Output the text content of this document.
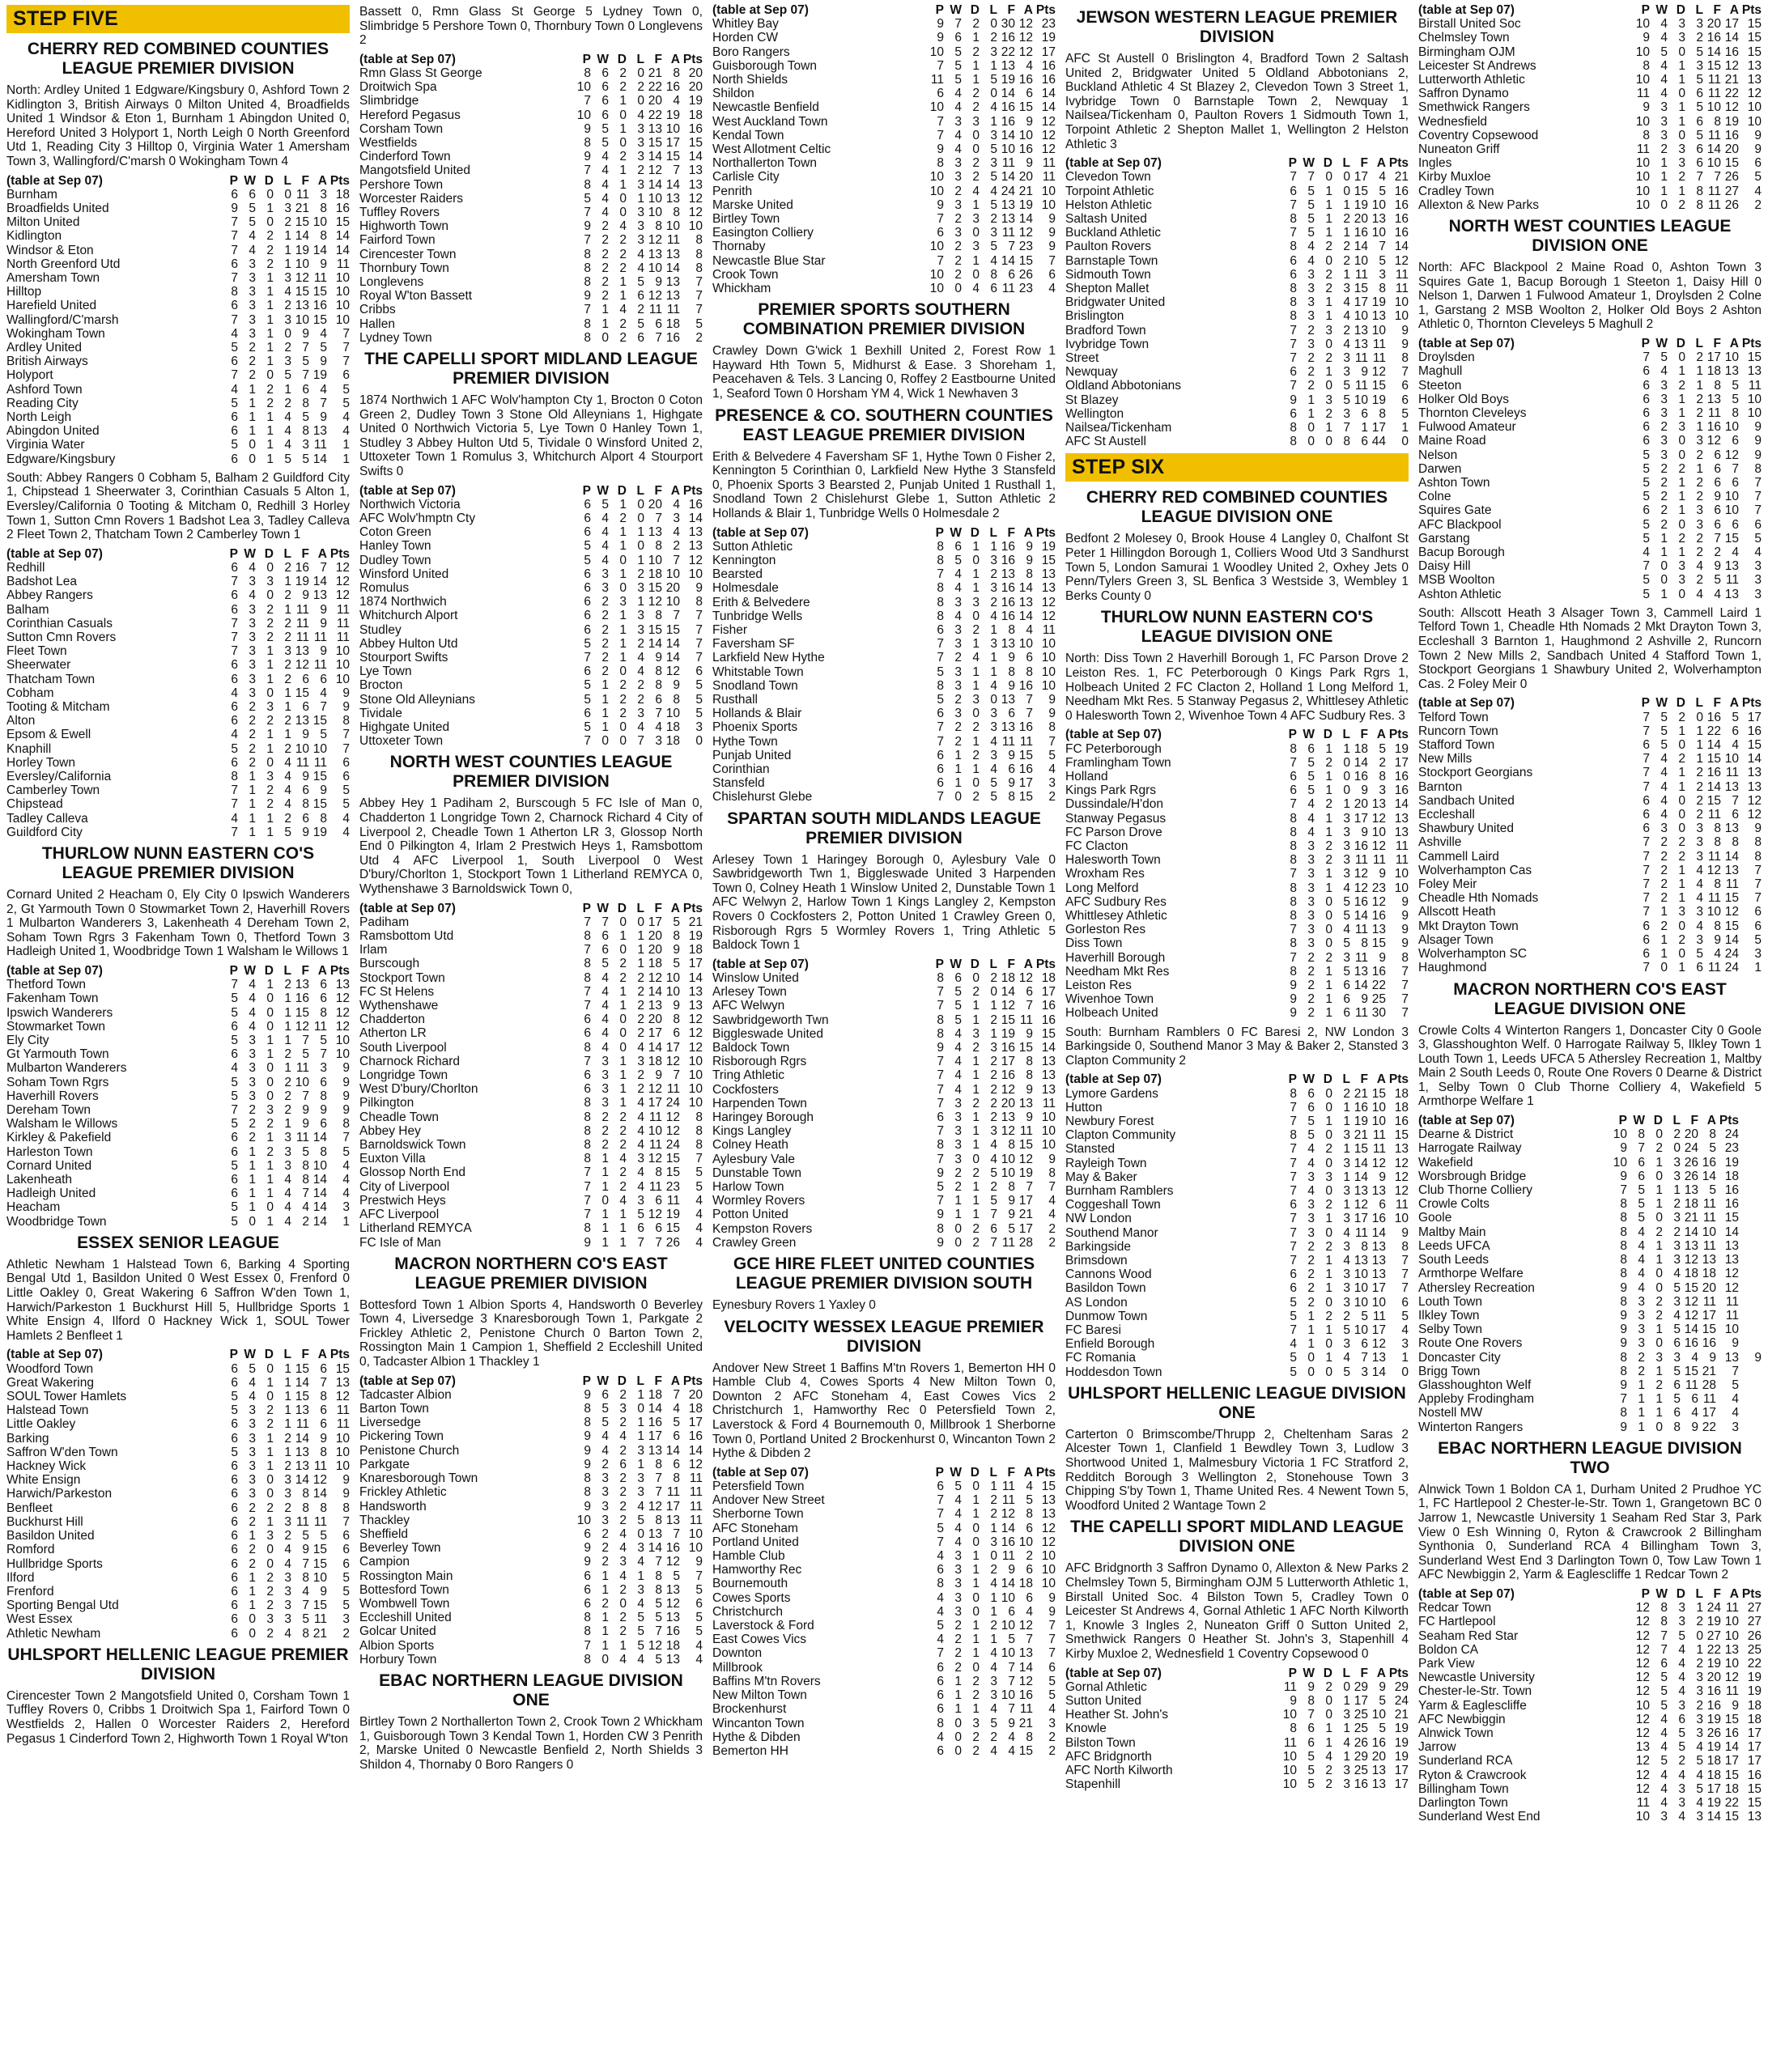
STEP FIVE
CHERRY RED COMBINED COUNTIES LEAGUE PREMIER DIVISION
North: Ardley United 1 Edgware/Kingsbury 0, Ashford Town 2 Kidlington 3, British Airways 0 Milton United 4, Broadfields United 1 Windsor & Eton 1, Burnham 1 Abingdon United 0, Hereford United 3 Holyport 1, North Leigh 0 North Greenford Utd 1, Reading City 3 Hilltop 0, Virginia Water 1 Amersham Town 3, Wallingford/C'marsh 0 Wokingham Town 4
(table at Sep 07)	P	W	D	L	F	A	Pts
Burnham	6	6	0	0	11	3	18
Broadfields United	9	5	1	3	21	8	16
Milton United	7	5	0	2	15	10	15
Kidlington	7	4	2	1	14	8	14
Windsor & Eton	7	4	2	1	19	14	14
North Greenford Utd	6	3	2	1	10	9	11
Amersham Town	7	3	1	3	12	11	10
Hilltop	8	3	1	4	15	15	10
Harefield United	6	3	1	2	13	16	10
Wallingford/C'marsh	7	3	1	3	10	15	10
Wokingham Town	4	3	1	0	9	4	7
Ardley United	5	2	1	2	7	5	7
British Airways	6	2	1	3	5	9	7
Holyport	7	2	0	5	7	19	6
Ashford Town	4	1	2	1	6	4	5
Reading City	5	1	2	2	8	7	5
North Leigh	6	1	1	4	5	9	4
Abingdon United	6	1	1	4	8	13	4
Virginia Water	5	0	1	4	3	11	1
Edgware/Kingsbury	6	0	1	5	5	14	1
South: Abbey Rangers 0 Cobham 5, Balham 2 Guildford City 1, Chipstead 1 Sheerwater 3, Corinthian Casuals 5 Alton 1, Eversley/California 0 Tooting & Mitcham 0, Redhill 3 Horley Town 1, Sutton Cmn Rovers 1 Badshot Lea 3, Tadley Calleva 2 Fleet Town 2, Thatcham Town 2 Camberley Town 1
(table at Sep 07)	P	W	D	L	F	A	Pts
Redhill	6	4	0	2	16	7	12
Badshot Lea	7	3	3	1	19	14	12
Abbey Rangers	6	4	0	2	9	13	12
Balham	6	3	2	1	11	9	11
Corinthian Casuals	7	3	2	2	11	9	11
Sutton Cmn Rovers	7	3	2	2	11	11	11
Fleet Town	7	3	1	3	13	9	10
Sheerwater	6	3	1	2	12	11	10
Thatcham Town	6	3	1	2	6	6	10
Cobham	4	3	0	1	15	4	9
Tooting & Mitcham	6	2	3	1	6	7	9
Alton	6	2	2	2	13	15	8
Epsom & Ewell	4	2	1	1	9	5	7
Knaphill	5	2	1	2	10	10	7
Horley Town	6	2	0	4	11	11	6
Eversley/California	8	1	3	4	9	15	6
Camberley Town	7	1	2	4	6	9	5
Chipstead	7	1	2	4	8	15	5
Tadley Calleva	4	1	1	2	6	8	4
Guildford City	7	1	1	5	9	19	4
THURLOW NUNN EASTERN CO'S LEAGUE PREMIER DIVISION
Cornard United 2 Heacham 0, Ely City 0 Ipswich Wanderers 2, Gt Yarmouth Town 0 Stowmarket Town 2, Haverhill Rovers 1 Mulbarton Wanderers 3, Lakenheath 4 Dereham Town 2, Soham Town Rgrs 3 Fakenham Town 0, Thetford Town 3 Hadleigh United 1, Woodbridge Town 1 Walsham le Willows 1
(table at Sep 07)	P	W	D	L	F	A	Pts
Thetford Town	7	4	1	2	13	6	13
Fakenham Town	5	4	0	1	16	6	12
Ipswich Wanderers	5	4	0	1	15	8	12
Stowmarket Town	6	4	0	1	12	11	12
Ely City	5	3	1	1	7	5	10
Gt Yarmouth Town	6	3	1	2	5	7	10
Mulbarton Wanderers	4	3	0	1	11	3	9
Soham Town Rgrs	5	3	0	2	10	6	9
Haverhill Rovers	5	3	0	2	7	8	9
Dereham Town	7	2	3	2	9	9	9
Walsham le Willows	5	2	2	1	9	6	8
Kirkley & Pakefield	6	2	1	3	11	14	7
Harleston Town	6	1	2	3	5	8	5
Cornard United	5	1	1	3	8	10	4
Lakenheath	6	1	1	4	8	14	4
Hadleigh United	6	1	1	4	7	14	4
Heacham	5	1	0	4	4	14	3
Woodbridge Town	5	0	1	4	2	14	1
ESSEX SENIOR LEAGUE
Athletic Newham 1 Halstead Town 6, Barking 4 Sporting Bengal Utd 1, Basildon United 0 West Essex 0, Frenford 0 Little Oakley 0, Great Wakering 6 Saffron W'den Town 1, Harwich/Parkeston 1 Buckhurst Hill 5, Hullbridge Sports 1 White Ensign 4, Ilford 0 Hackney Wick 1, SOUL Tower Hamlets 2 Benfleet 1
(table at Sep 07)	P	W	D	L	F	A	Pts
Woodford Town	6	5	0	1	15	6	15
Great Wakering	6	4	1	1	14	7	13
SOUL Tower Hamlets	5	4	0	1	15	8	12
Halstead Town	5	3	2	1	13	6	11
Little Oakley	6	3	2	1	11	6	11
Barking	6	3	1	2	14	9	10
Saffron W'den Town	5	3	1	1	13	8	10
Hackney Wick	6	3	1	2	13	11	10
White Ensign	6	3	0	3	14	12	9
Harwich/Parkeston	6	3	0	3	8	14	9
Benfleet	6	2	2	2	8	8	8
Buckhurst Hill	6	2	1	3	11	11	7
Basildon United	6	1	3	2	5	5	6
Romford	6	2	0	4	9	15	6
Hullbridge Sports	6	2	0	4	7	15	6
Ilford	6	1	2	3	8	10	5
Frenford	6	1	2	3	4	9	5
Sporting Bengal Utd	6	1	2	3	7	15	5
West Essex	6	0	3	3	5	11	3
Athletic Newham	6	0	2	4	8	21	2
UHLSPORT HELLENIC LEAGUE PREMIER DIVISION
Cirencester Town 2 Mangotsfield United 0, Corsham Town 1 Tuffley Rovers 0, Cribbs 1 Droitwich Spa 1, Fairford Town 0 Westfields 2, Hallen 0 Worcester Raiders 2, Hereford Pegasus 1 Cinderford Town 2, Highworth Town 1 Royal W'ton
Bassett 0, Rmn Glass St George 5 Lydney Town 0, Slimbridge 5 Pershore Town 0, Thornbury Town 0 Longlevens 2
(table at Sep 07)	P	W	D	L	F	A	Pts
Rmn Glass St George	8	6	2	0	21	8	20
Droitwich Spa	10	6	2	2	22	16	20
Slimbridge	7	6	1	0	20	4	19
Hereford Pegasus	10	6	0	4	22	19	18
Corsham Town	9	5	1	3	13	10	16
Westfields	8	5	0	3	15	17	15
Cinderford Town	9	4	2	3	14	15	14
Mangotsfield United	7	4	1	2	12	7	13
Pershore Town	8	4	1	3	14	14	13
Worcester Raiders	5	4	0	1	10	13	12
Tuffley Rovers	7	4	0	3	10	8	12
Highworth Town	9	2	4	3	8	10	10
Fairford Town	7	2	2	3	12	11	8
Cirencester Town	8	2	2	4	13	13	8
Thornbury Town	8	2	2	4	10	14	8
Longlevens	8	2	1	5	9	13	7
Royal W'ton Bassett	9	2	1	6	12	13	7
Cribbs	7	1	4	2	11	11	7
Hallen	8	1	2	5	6	18	5
Lydney Town	8	0	2	6	7	16	2
THE CAPELLI SPORT MIDLAND LEAGUE PREMIER DIVISION
1874 Northwich 1 AFC Wolv'hampton Cty 1, Brocton 0 Coton Green 2, Dudley Town 3 Stone Old Alleynians 1, Highgate United 0 Northwich Victoria 5, Lye Town 0 Hanley Town 1, Studley 3 Abbey Hulton Utd 5, Tividale 0 Winsford United 2, Uttoxeter Town 1 Romulus 3, Whitchurch Alport 4 Stourport Swifts 0
(table at Sep 07)	P	W	D	L	F	A	Pts
Northwich Victoria	6	5	1	0	20	4	16
AFC Wolv'hmptn Cty	6	4	2	0	7	3	14
Coton Green	6	4	1	1	13	4	13
Hanley Town	5	4	1	0	8	2	13
Dudley Town	5	4	0	1	10	7	12
Winsford United	6	3	1	2	18	10	10
Romulus	6	3	0	3	15	20	9
1874 Northwich	6	2	3	1	12	10	8
Whitchurch Alport	6	2	1	3	8	7	7
Studley	6	2	1	3	15	15	7
Abbey Hulton Utd	5	2	1	2	14	14	7
Stourport Swifts	7	2	1	4	9	14	7
Lye Town	6	2	0	4	8	12	6
Brocton	5	1	2	2	8	9	5
Stone Old Alleynians	5	1	2	2	6	8	5
Tividale	6	1	2	3	7	10	5
Highgate United	5	1	0	4	4	18	3
Uttoxeter Town	7	0	0	7	3	18	0
NORTH WEST COUNTIES LEAGUE PREMIER DIVISION
Abbey Hey 1 Padiham 2, Burscough 5 FC Isle of Man 0, Chadderton 1 Longridge Town 2, Charnock Richard 4 City of Liverpool 2, Cheadle Town 1 Atherton LR 3, Glossop North End 0 Pilkington 4, Irlam 2 Prestwich Heys 1, Ramsbottom Utd 4 AFC Liverpool 1, South Liverpool 0 West D'bury/Chorlton 1, Stockport Town 1 Litherland REMYCA 0, Wythenshawe 3 Barnoldswick Town 0,
(table at Sep 07)	P	W	D	L	F	A	Pts
Padiham	7	7	0	0	17	5	21
Ramsbottom Utd	8	6	1	1	20	8	19
Irlam	7	6	0	1	20	9	18
Burscough	8	5	2	1	18	5	17
Stockport Town	8	4	2	2	12	10	14
FC St Helens	7	4	1	2	14	10	13
Wythenshawe	7	4	1	2	13	9	13
Chadderton	6	4	0	2	20	8	12
Atherton LR	6	4	0	2	17	6	12
South Liverpool	8	4	0	4	14	17	12
Charnock Richard	7	3	1	3	18	12	10
Longridge Town	6	3	1	2	9	7	10
West D'bury/Chorlton	6	3	1	2	12	11	10
Pilkington	8	3	1	4	17	24	10
Cheadle Town	8	2	2	4	11	12	8
Abbey Hey	8	2	2	4	10	12	8
Barnoldswick Town	8	2	2	4	11	24	8
Euxton Villa	8	1	4	3	12	15	7
Glossop North End	7	1	2	4	8	15	5
City of Liverpool	7	1	2	4	11	23	5
Prestwich Heys	7	0	4	3	6	11	4
AFC Liverpool	7	1	1	5	12	19	4
Litherland REMYCA	8	1	1	6	6	15	4
FC Isle of Man	9	1	1	7	7	26	4
MACRON NORTHERN CO'S EAST LEAGUE PREMIER DIVISION
Bottesford Town 1 Albion Sports 4, Handsworth 0 Beverley Town 4, Liversedge 3 Knaresborough Town 1, Parkgate 2 Frickley Athletic 2, Penistone Church 0 Barton Town 2, Rossington Main 1 Campion 1, Sheffield 2 Eccleshill United 0, Tadcaster Albion 1 Thackley 1
(table at Sep 07)	P	W	D	L	F	A	Pts
Tadcaster Albion	9	6	2	1	18	7	20
Barton Town	8	5	3	0	14	4	18
Liversedge	8	5	2	1	16	5	17
Pickering Town	9	4	4	1	17	6	16
Penistone Church	9	4	2	3	13	14	14
Parkgate	9	2	6	1	8	6	12
Knaresborough Town	8	3	2	3	7	8	11
Frickley Athletic	8	3	2	3	7	11	11
Handsworth	9	3	2	4	12	17	11
Thackley	10	3	2	5	8	13	11
Sheffield	6	2	4	0	13	7	10
Beverley Town	9	2	4	3	14	16	10
Campion	9	2	3	4	7	12	9
Rossington Main	6	1	4	1	8	5	7
Bottesford Town	6	1	2	3	8	13	5
Wombwell Town	6	2	0	4	5	12	6
Eccleshill United	8	1	2	5	5	13	5
Golcar United	8	1	2	5	7	16	5
Albion Sports	7	1	1	5	12	18	4
Horbury Town	8	0	4	4	5	13	4
EBAC NORTHERN LEAGUE DIVISION ONE
Birtley Town 2 Northallerton Town 2, Crook Town 2 Whickham 1, Guisborough Town 3 Kendal Town 1, Horden CW 3 Penrith 2, Marske United 0 Newcastle Benfield 2, North Shields 3 Shildon 4, Thornaby 0 Boro Rangers 0
(table at Sep 07)	P	W	D	L	F	A	Pts
Whitley Bay	9	7	2	0	30	12	23
Horden CW	9	6	1	2	16	12	19
Boro Rangers	10	5	2	3	22	12	17
Guisborough Town	7	5	1	1	13	4	16
North Shields	11	5	1	5	19	16	16
Shildon	6	4	2	0	14	6	14
Newcastle Benfield	10	4	2	4	16	15	14
West Auckland Town	7	3	3	1	16	9	12
Kendal Town	7	4	0	3	14	10	12
West Allotment Celtic	9	4	0	5	10	16	12
Northallerton Town	8	3	2	3	11	9	11
Carlisle City	10	3	2	5	14	20	11
Penrith	10	2	4	4	24	21	10
Marske United	9	3	1	5	13	19	10
Birtley Town	7	2	3	2	13	14	9
Easington Colliery	6	3	0	3	11	12	9
Thornaby	10	2	3	5	7	23	9
Newcastle Blue Star	7	2	1	4	14	15	7
Crook Town	10	2	0	8	6	26	6
Whickham	10	0	4	6	11	23	4
PREMIER SPORTS SOUTHERN COMBINATION PREMIER DIVISION
Crawley Down G'wick 1 Bexhill United 2, Forest Row 1 Hayward Hth Town 5, Midhurst & Ease. 3 Shoreham 1, Peacehaven & Tels. 3 Lancing 0, Roffey 2 Eastbourne United 1, Seaford Town 0 Horsham YM 4, Wick 1 Newhaven 3
PRESENCE & CO. SOUTHERN COUNTIES EAST LEAGUE PREMIER DIVISION
Erith & Belvedere 4 Faversham SF 1, Hythe Town 0 Fisher 2, Kennington 5 Corinthian 0, Larkfield New Hythe 3 Stansfeld 0, Phoenix Sports 3 Bearsted 2, Punjab United 1 Rusthall 1, Snodland Town 2 Chislehurst Glebe 1, Sutton Athletic 2 Hollands & Blair 1, Tunbridge Wells 0 Holmesdale 2
(table at Sep 07)	P	W	D	L	F	A	Pts
Sutton Athletic	8	6	1	1	16	9	19
Kennington	8	5	0	3	16	9	15
Bearsted	7	4	1	2	13	8	13
Holmesdale	8	4	1	3	16	14	13
Erith & Belvedere	8	3	3	2	16	13	12
Tunbridge Wells	8	4	0	4	16	14	12
Fisher	6	3	2	1	8	4	11
Faversham SF	7	3	1	3	13	10	10
Larkfield New Hythe	7	2	4	1	9	6	10
Whitstable Town	5	3	1	1	8	8	10
Snodland Town	8	3	1	4	9	16	10
Rusthall	5	2	3	0	13	7	9
Hollands & Blair	6	3	0	3	6	7	9
Phoenix Sports	7	2	2	3	13	16	8
Hythe Town	7	2	1	4	11	11	7
Punjab United	6	1	2	3	9	15	5
Corinthian	6	1	1	4	6	16	4
Stansfeld	6	1	0	5	9	17	3
Chislehurst Glebe	7	0	2	5	8	15	2
SPARTAN SOUTH MIDLANDS LEAGUE PREMIER DIVISION
Arlesey Town 1 Haringey Borough 0, Aylesbury Vale 0 Sawbridgeworth Twn 1, Biggleswade United 3 Harpenden Town 0, Colney Heath 1 Winslow United 2, Dunstable Town 1 AFC Welwyn 2, Harlow Town 1 Kings Langley 2, Kempston Rovers 0 Cockfosters 2, Potton United 1 Crawley Green 0, Risborough Rgrs 5 Wormley Rovers 1, Tring Athletic 5 Baldock Town 1
(table at Sep 07)	P	W	D	L	F	A	Pts
Winslow United	8	6	0	2	18	12	18
Arlesey Town	7	5	2	0	14	6	17
AFC Welwyn	7	5	1	1	12	7	16
Sawbridgeworth Twn	8	5	1	2	15	11	16
Biggleswade United	8	4	3	1	19	9	15
Baldock Town	9	4	2	3	16	15	14
Risborough Rgrs	7	4	1	2	17	8	13
Tring Athletic	7	4	1	2	16	8	13
Cockfosters	7	4	1	2	12	9	13
Harpenden Town	7	3	2	2	20	13	11
Haringey Borough	6	3	1	2	13	9	10
Kings Langley	7	3	1	3	12	11	10
Colney Heath	8	3	1	4	8	15	10
Aylesbury Vale	7	3	0	4	10	12	9
Dunstable Town	9	2	2	5	10	19	8
Harlow Town	5	2	1	2	8	7	7
Wormley Rovers	7	1	1	5	9	17	4
Potton United	9	1	1	7	9	21	4
Kempston Rovers	8	0	2	6	5	17	2
Crawley Green	9	0	2	7	11	28	2
GCE HIRE FLEET UNITED COUNTIES LEAGUE PREMIER DIVISION SOUTH
Eynesbury Rovers 1 Yaxley 0
VELOCITY WESSEX LEAGUE PREMIER DIVISION
Andover New Street 1 Baffins M'tn Rovers 1, Bemerton HH 0 Hamble Club 4, Cowes Sports 4 New Milton Town 0, Downton 2 AFC Stoneham 4, East Cowes Vics 2 Christchurch 1, Hamworthy Rec 0 Petersfield Town 2, Laverstock & Ford 4 Bournemouth 0, Millbrook 1 Sherborne Town 0, Portland United 2 Brockenhurst 0, Wincanton Town 2 Hythe & Dibden 2
(table at Sep 07)	P	W	D	L	F	A	Pts
Petersfield Town	6	5	0	1	11	4	15
Andover New Street	7	4	1	2	11	5	13
Sherborne Town	7	4	1	2	12	8	13
AFC Stoneham	5	4	0	1	14	6	12
Portland United	7	4	0	3	16	10	12
Hamble Club	4	3	1	0	11	2	10
Hamworthy Rec	6	3	1	2	9	6	10
Bournemouth	8	3	1	4	14	18	10
Cowes Sports	4	3	0	1	10	6	9
Christchurch	4	3	0	1	6	4	9
Laverstock & Ford	5	2	1	2	10	12	7
East Cowes Vics	4	2	1	1	5	7	7
Downton	7	2	1	4	10	13	7
Millbrook	6	2	0	4	7	14	6
Baffins M'tn Rovers	6	1	2	3	7	12	5
New Milton Town	6	1	2	3	10	16	5
Brockenhurst	6	1	1	4	7	11	4
Wincanton Town	8	0	3	5	9	21	3
Hythe & Dibden	4	0	2	2	4	8	2
Bemerton HH	6	0	2	4	4	15	2
JEWSON WESTERN LEAGUE PREMIER DIVISION
AFC St Austell 0 Brislington 4, Bradford Town 2 Saltash United 2, Bridgwater United 5 Oldland Abbotonians 2, Buckland Athletic 4 St Blazey 2, Clevedon Town 3 Street 1, Ivybridge Town 0 Barnstaple Town 2, Newquay 1 Nailsea/Tickenham 0, Paulton Rovers 1 Sidmouth Town 1, Torpoint Athletic 2 Shepton Mallet 1, Wellington 2 Helston Athletic 3
(table at Sep 07)	P	W	D	L	F	A	Pts
Clevedon Town	7	7	0	0	17	4	21
Torpoint Athletic	6	5	1	0	15	5	16
Helston Athletic	7	5	1	1	19	10	16
Saltash United	8	5	1	2	20	13	16
Buckland Athletic	7	5	1	1	16	10	16
Paulton Rovers	8	4	2	2	14	7	14
Barnstaple Town	6	4	0	2	10	5	12
Sidmouth Town	6	3	2	1	11	3	11
Shepton Mallet	8	3	2	3	15	8	11
Bridgwater United	8	3	1	4	17	19	10
Brislington	8	3	1	4	10	13	10
Bradford Town	7	2	3	2	13	10	9
Ivybridge Town	7	3	0	4	13	11	9
Street	7	2	2	3	11	11	8
Newquay	6	2	1	3	9	12	7
Oldland Abbotonians	7	2	0	5	11	15	6
St Blazey	9	1	3	5	10	19	6
Wellington	6	1	2	3	6	8	5
Nailsea/Tickenham	8	0	1	7	1	17	1
AFC St Austell	8	0	0	8	6	44	0
STEP SIX
CHERRY RED COMBINED COUNTIES LEAGUE DIVISION ONE
Bedfont 2 Molesey 0, Brook House 4 Langley 0, Chalfont St Peter 1 Hillingdon Borough 1, Colliers Wood Utd 3 Sandhurst Town 5, London Samurai 1 Woodley United 2, Oxhey Jets 0 Penn/Tylers Green 3, SL Benfica 3 Westside 3, Wembley 1 Berks County 0
THURLOW NUNN EASTERN CO'S LEAGUE DIVISION ONE
North: Diss Town 2 Haverhill Borough 1, FC Parson Drove 2 Leiston Res. 1, FC Peterborough 0 Kings Park Rgrs 1, Holbeach United 2 FC Clacton 2, Holland 1 Long Melford 1, Needham Mkt Res. 5 Stanway Pegasus 2, Whittlesey Athletic 0 Halesworth Town 2, Wivenhoe Town 4 AFC Sudbury Res. 3
(table at Sep 07)	P	W	D	L	F	A	Pts
FC Peterborough	8	6	1	1	18	5	19
Framlingham Town	7	5	2	0	14	2	17
Holland	6	5	1	0	16	8	16
Kings Park Rgrs	6	5	1	0	9	3	16
Dussindale/H'don	7	4	2	1	20	13	14
Stanway Pegasus	8	4	1	3	17	12	13
FC Parson Drove	8	4	1	3	9	10	13
FC Clacton	8	3	2	3	16	12	11
Halesworth Town	8	3	2	3	11	11	11
Wroxham Res	7	3	1	3	12	9	10
Long Melford	8	3	1	4	12	23	10
AFC Sudbury Res	8	3	0	5	16	12	9
Whittlesey Athletic	8	3	0	5	14	16	9
Gorleston Res	7	3	0	4	11	13	9
Diss Town	8	3	0	5	8	15	9
Haverhill Borough	7	2	2	3	11	9	8
Needham Mkt Res	8	2	1	5	13	16	7
Leiston Res	9	2	1	6	14	22	7
Wivenhoe Town	9	2	1	6	9	25	7
Holbeach United	9	2	1	6	11	30	7
South: Burnham Ramblers 0 FC Baresi 2, NW London 3 Barkingside 0, Southend Manor 3 May & Baker 2, Stansted 3 Clapton Community 2
(table at Sep 07)	P	W	D	L	F	A	Pts
Lymore Gardens	8	6	0	2	21	15	18
Hutton	7	6	0	1	16	10	18
Newbury Forest	7	5	1	1	19	10	16
Clapton Community	8	5	0	3	21	11	15
Stansted	7	4	2	1	15	11	13
Rayleigh Town	7	4	0	3	14	12	12
May & Baker	7	3	3	1	14	9	12
Burnham Ramblers	7	4	0	3	13	13	12
Coggeshall Town	6	3	2	1	12	6	11
NW London	7	3	1	3	17	16	10
Southend Manor	7	3	0	4	11	14	9
Barkingside	7	2	2	3	8	13	8
Brimsdown	7	2	1	4	13	13	7
Cannons Wood	6	2	1	3	10	13	7
Basildon Town	6	2	1	3	10	17	7
AS London	5	2	0	3	10	10	6
Dunmow Town	5	1	2	2	5	11	5
FC Baresi	7	1	1	5	10	17	4
Enfield Borough	4	1	0	3	6	12	3
FC Romania	5	0	1	4	7	13	1
Hoddesdon Town	5	0	0	5	3	14	0
UHLSPORT HELLENIC LEAGUE DIVISION ONE
Carterton 0 Brimscombe/Thrupp 2, Cheltenham Saras 2 Alcester Town 1, Clanfield 1 Bewdley Town 3, Ludlow 3 Shortwood United 1, Malmesbury Victoria 1 FC Stratford 2, Redditch Borough 3 Wellington 2, Stonehouse Town 3 Chipping S'by Town 1, Thame United Res. 4 Newent Town 5, Woodford United 2 Wantage Town 2
THE CAPELLI SPORT MIDLAND LEAGUE DIVISION ONE
AFC Bridgnorth 3 Saffron Dynamo 0, Allexton & New Parks 2 Chelmsley Town 5, Birmingham OJM 5 Lutterworth Athletic 1, Birstall United Soc. 4 Bilston Town 5, Cradley Town 0 Leicester St Andrews 4, Gornal Athletic 1 AFC North Kilworth 1, Knowle 3 Ingles 2, Nuneaton Griff 0 Sutton United 2, Smethwick Rangers 0 Heather St. John's 3, Stapenhill 4 Kirby Muxloe 2, Wednesfield 1 Coventry Copsewood 0
(table at Sep 07)	P	W	D	L	F	A	Pts
Gornal Athletic	11	9	2	0	29	9	29
Sutton United	9	8	0	1	17	5	24
Heather St. John's	10	7	0	3	25	10	21
Knowle	8	6	1	1	25	5	19
Bilston Town	11	6	1	4	26	16	19
AFC Bridgnorth	10	5	4	1	29	20	19
AFC North Kilworth	10	5	2	3	25	13	17
Stapenhill	10	5	2	3	16	13	17
(table at Sep 07)	P	W	D	L	F	A	Pts
Birstall United Soc	10	4	3	3	20	17	15
Chelmsley Town	9	4	3	2	16	14	15
Birmingham OJM	10	5	0	5	14	16	15
Leicester St Andrews	8	4	1	3	15	12	13
Lutterworth Athletic	10	4	1	5	11	21	13
Saffron Dynamo	11	4	0	6	11	22	12
Smethwick Rangers	9	3	1	5	10	12	10
Wednesfield	10	3	1	6	8	19	10
Coventry Copsewood	8	3	0	5	11	16	9
Nuneaton Griff	11	2	3	6	14	20	9
Ingles	10	1	3	6	10	15	6
Kirby Muxloe	10	1	2	7	7	26	5
Cradley Town	10	1	1	8	11	27	4
Allexton & New Parks	10	0	2	8	11	26	2
NORTH WEST COUNTIES LEAGUE DIVISION ONE
North: AFC Blackpool 2 Maine Road 0, Ashton Town 3 Squires Gate 1, Bacup Borough 1 Steeton 1, Daisy Hill 0 Nelson 1, Darwen 1 Fulwood Amateur 1, Droylsden 2 Colne 1, Garstang 2 MSB Woolton 2, Holker Old Boys 2 Ashton Athletic 0, Thornton Cleveleys 5 Maghull 2
(table at Sep 07)	P	W	D	L	F	A	Pts
Droylsden	7	5	0	2	17	10	15
Maghull	6	4	1	1	18	13	13
Steeton	6	3	2	1	8	5	11
Holker Old Boys	6	3	1	2	13	5	10
Thornton Cleveleys	6	3	1	2	11	8	10
Fulwood Amateur	6	2	3	1	16	10	9
Maine Road	6	3	0	3	12	6	9
Nelson	5	3	0	2	6	12	9
Darwen	5	2	2	1	6	7	8
Ashton Town	5	2	1	2	6	6	7
Colne	5	2	1	2	9	10	7
Squires Gate	6	2	1	3	6	10	7
AFC Blackpool	5	2	0	3	6	6	6
Garstang	5	1	2	2	7	15	5
Bacup Borough	4	1	1	2	2	4	4
Daisy Hill	7	0	3	4	9	13	3
MSB Woolton	5	0	3	2	5	11	3
Ashton Athletic	5	1	0	4	4	13	3
South: Allscott Heath 3 Alsager Town 3, Cammell Laird 1 Telford Town 1, Cheadle Hth Nomads 2 Mkt Drayton Town 3, Eccleshall 3 Barnton 1, Haughmond 2 Ashville 2, Runcorn Town 2 New Mills 2, Sandbach United 4 Stafford Town 1, Stockport Georgians 1 Shawbury United 2, Wolverhampton Cas. 2 Foley Meir 0
(table at Sep 07)	P	W	D	L	F	A	Pts
Telford Town	7	5	2	0	16	5	17
Runcorn Town	7	5	1	1	22	6	16
Stafford Town	6	5	0	1	14	4	15
New Mills	7	4	2	1	15	10	14
Stockport Georgians	7	4	1	2	16	11	13
Barnton	7	4	1	2	14	13	13
Sandbach United	6	4	0	2	15	7	12
Eccleshall	6	4	0	2	11	6	12
Shawbury United	6	3	0	3	8	13	9
Ashville	7	2	2	3	8	8	8
Cammell Laird	7	2	2	3	11	14	8
Wolverhampton Cas	7	2	1	4	12	13	7
Foley Meir	7	2	1	4	8	11	7
Cheadle Hth Nomads	7	2	1	4	11	15	7
Allscott Heath	7	1	3	3	10	12	6
Mkt Drayton Town	6	2	0	4	8	15	6
Alsager Town	6	1	2	3	9	14	5
Wolverhampton SC	6	1	0	5	4	24	3
Haughmond	7	0	1	6	11	24	1
MACRON NORTHERN CO'S EAST LEAGUE DIVISION ONE
Crowle Colts 4 Winterton Rangers 1, Doncaster City 0 Goole 3, Glasshoughton Welf. 0 Harrogate Railway 5, Ilkley Town 1 Louth Town 1, Leeds UFCA 5 Athersley Recreation 1, Maltby Main 2 South Leeds 0, Route One Rovers 0 Dearne & District 1, Selby Town 0 Club Thorne Colliery 4, Wakefield 5 Armthorpe Welfare 1
(table at Sep 07)	P	W	D	L	F	A	Pts	
Dearne & District	10	8	0	2	20	8	24	
Harrogate Railway	9	7	2	0	24	5	23	
Wakefield	10	6	1	3	26	16	19	
Worsbrough Bridge	9	6	0	3	26	14	18	
Club Thorne Colliery	7	5	1	1	13	5	16	
Crowle Colts	8	5	1	2	18	11	16	
Goole	8	5	0	3	21	11	15	
Maltby Main	8	4	2	2	14	10	14	
Leeds UFCA	8	4	1	3	13	11	13	
South Leeds	8	4	1	3	12	13	13	
Armthorpe Welfare	8	4	0	4	18	18	12	
Athersley Recreation	9	4	0	5	15	20	12	
Louth Town	8	3	2	3	12	11	11	
Ilkley Town	9	3	2	4	12	17	11	
Selby Town	9	3	1	5	14	15	10	
Route One Rovers	9	3	0	6	16	16	9	
Doncaster City	8	2	3	3	4	9	13	9
Brigg Town	8	2	1	5	15	21	7	
Glasshoughton Welf	9	1	2	6	11	28	5	
Appleby Frodingham	7	1	1	5	6	11	4	
Nostell MW	8	1	1	6	4	17	4	
Winterton Rangers	9	1	0	8	9	22	3	
EBAC NORTHERN LEAGUE DIVISION TWO
Alnwick Town 1 Boldon CA 1, Durham United 2 Prudhoe YC 1, FC Hartlepool 2 Chester-le-Str. Town 1, Grangetown BC 0 Jarrow 1, Newcastle University 1 Seaham Red Star 3, Park View 0 Esh Winning 0, Ryton & Crawcrook 2 Billingham Synthonia 0, Sunderland RCA 4 Billingham Town 3, Sunderland West End 3 Darlington Town 0, Tow Law Town 1 AFC Newbiggin 2, Yarm & Eaglescliffe 1 Redcar Town 2
(table at Sep 07)	P	W	D	L	F	A	Pts
Redcar Town	12	8	3	1	24	11	27
FC Hartlepool	12	8	3	2	19	10	27
Seaham Red Star	12	7	5	0	27	10	26
Boldon CA	12	7	4	1	22	13	25
Park View	12	6	4	2	19	10	22
Newcastle University	12	5	4	3	20	12	19
Chester-le-Str. Town	12	5	4	3	16	11	19
Yarm & Eaglescliffe	10	5	3	2	16	9	18
AFC Newbiggin	12	4	6	3	19	15	18
Alnwick Town	12	4	5	3	26	16	17
Jarrow	13	4	5	4	19	14	17
Sunderland RCA	12	5	2	5	18	17	17
Ryton & Crawcrook	12	4	4	4	18	15	16
Billingham Town	12	4	3	5	17	18	15
Darlington Town	11	4	3	4	19	22	15
Sunderland West End	10	3	4	3	14	15	13
